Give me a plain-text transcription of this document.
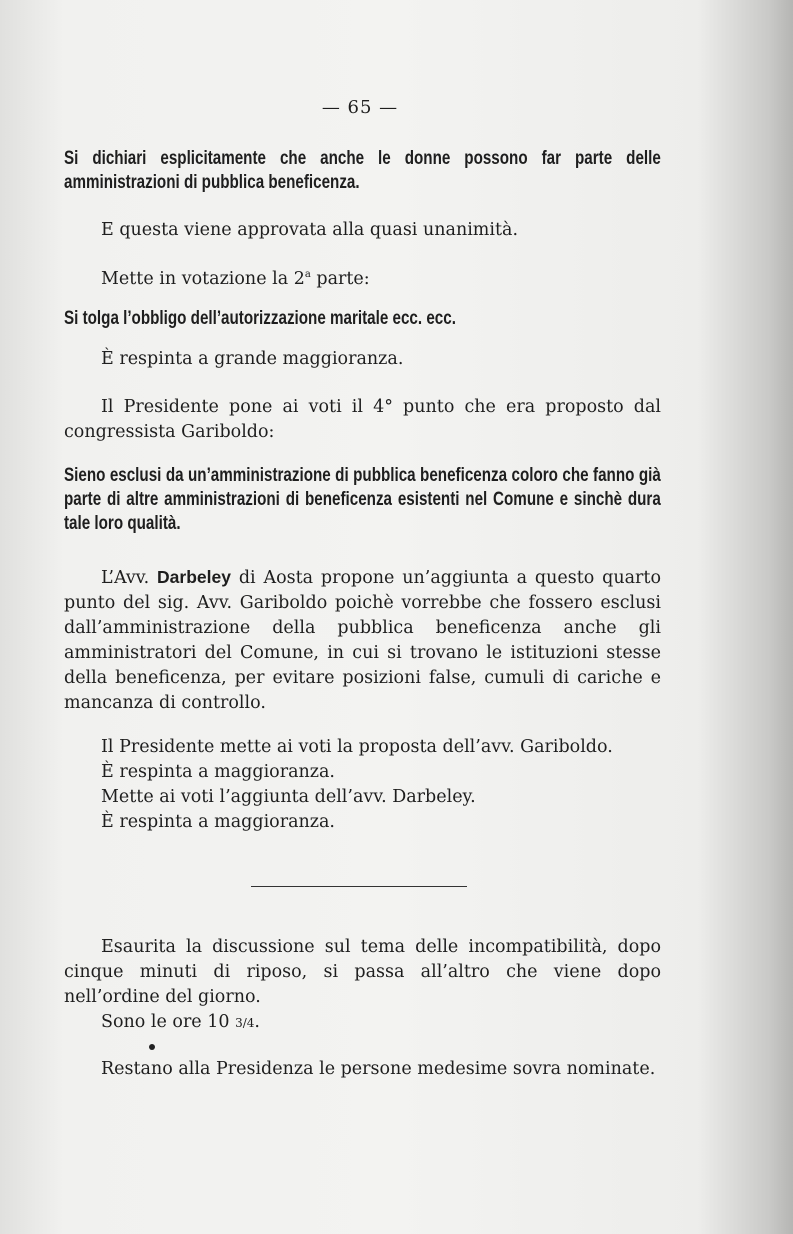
— 65 —

Si dichiari esplicitamente che anche le donne possono far parte delle amministrazioni di pubblica beneficenza.

E questa viene approvata alla quasi unanimità.

Mette in votazione la 2$^a$ parte:

Si tolga l’obbligo dell’autorizzazione maritale ecc. ecc.

È respinta a grande maggioranza.

Il Presidente pone ai voti il 4° punto che era proposto dal congressista Gariboldo:

Sieno esclusi da un’amministrazione di pubblica beneficenza coloro che fanno già parte di altre amministrazioni di beneficenza esistenti nel Comune e sinchè dura tale loro qualità.

L’Avv. Darbeley di Aosta propone un’aggiunta a questo quarto punto del sig. Avv. Gariboldo poichè vorrebbe che fossero esclusi dall’amministrazione della pubblica beneficenza anche gli amministratori del Comune, in cui si trovano le istituzioni stesse della beneficenza, per evitare posizioni false, cumuli di cariche e mancanza di controllo.

Il Presidente mette ai voti la proposta dell’avv. Gariboldo.

È respinta a maggioranza.

Mette ai voti l’aggiunta dell’avv. Darbeley.

È respinta a maggioranza.

Esaurita la discussione sul tema delle incompatibilità, dopo cinque minuti di riposo, si passa all’altro che viene dopo nell’ordine del giorno.

Sono le ore 10 3/4.

Restano alla Presidenza le persone medesime sovra nominate.
